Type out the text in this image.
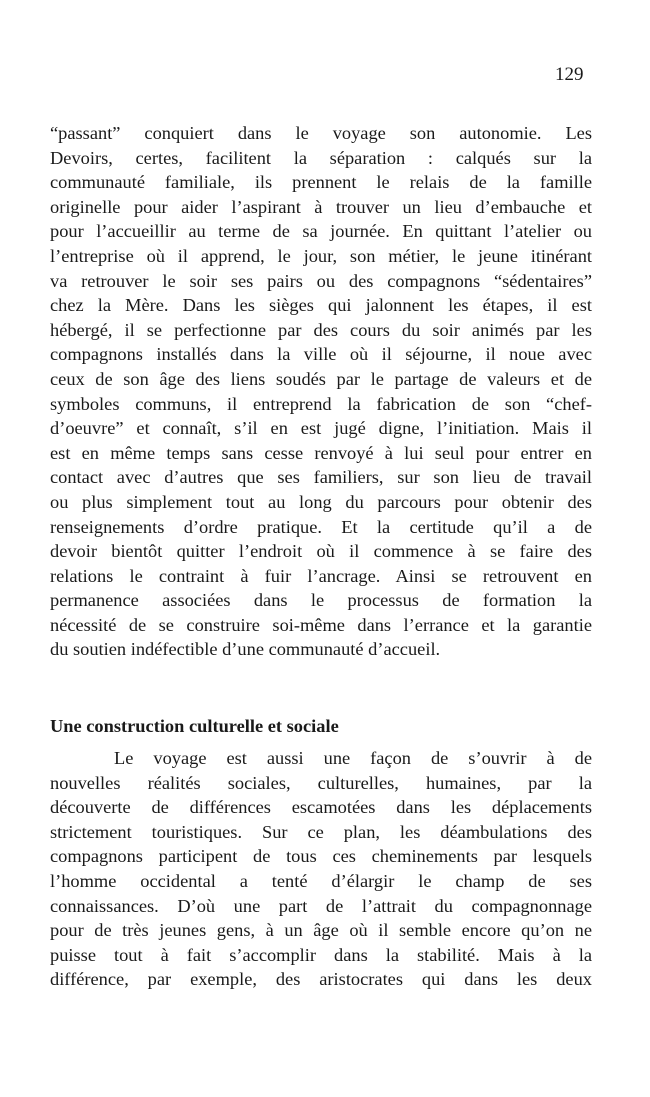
129
“passant” conquiert dans le voyage son autonomie. Les
Devoirs, certes, facilitent la séparation : calqués sur la
communauté familiale, ils prennent le relais de la famille
originelle pour aider l’aspirant à trouver un lieu d’embauche et
pour l’accueillir au terme de sa journée. En quittant l’atelier ou
l’entreprise où il apprend, le jour, son métier, le jeune itinérant
va retrouver le soir ses pairs ou des compagnons “sédentaires”
chez la Mère. Dans les sièges qui jalonnent les étapes, il est
hébergé, il se perfectionne par des cours du soir animés par les
compagnons installés dans la ville où il séjourne, il noue avec
ceux de son âge des liens soudés par le partage de valeurs et de
symboles communs, il entreprend la fabrication de son “chef-
d’oeuvre” et connaît, s’il en est jugé digne, l’initiation. Mais il
est en même temps sans cesse renvoyé à lui seul pour entrer en
contact avec d’autres que ses familiers, sur son lieu de travail
ou plus simplement tout au long du parcours pour obtenir des
renseignements d’ordre pratique. Et la certitude qu’il a de
devoir bientôt quitter l’endroit où il commence à se faire des
relations le contraint à fuir l’ancrage. Ainsi se retrouvent en
permanence associées dans le processus de formation la
nécessité de se construire soi-même dans l’errance et la garantie
du soutien indéfectible d’une communauté d’accueil.
Une construction culturelle et sociale
Le voyage est aussi une façon de s’ouvrir à de
nouvelles réalités sociales, culturelles, humaines, par la
découverte de différences escamotées dans les déplacements
strictement touristiques. Sur ce plan, les déambulations des
compagnons participent de tous ces cheminements par lesquels
l’homme occidental a tenté d’élargir le champ de ses
connaissances. D’où une part de l’attrait du compagnonnage
pour de très jeunes gens, à un âge où il semble encore qu’on ne
puisse tout à fait s’accomplir dans la stabilité. Mais à la
différence, par exemple, des aristocrates qui dans les deux
